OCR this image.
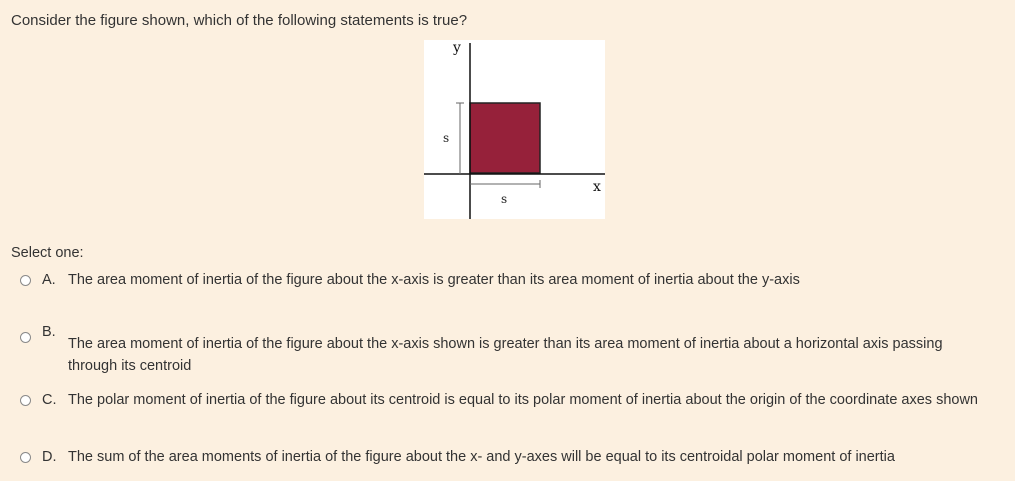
Consider the figure shown, which of the following statements is true?
y
x
s
s
Select one:
A. The area moment of inertia of the figure about the x-axis is greater than its area moment of inertia about the y-axis
B.
The area moment of inertia of the figure about the x-axis shown is greater than its area moment of inertia about a horizontal axis passing through its centroid
C. The polar moment of inertia of the figure about its centroid is equal to its polar moment of inertia about the origin of the coordinate axes shown
D. The sum of the area moments of inertia of the figure about the x- and y-axes will be equal to its centroidal polar moment of inertia
